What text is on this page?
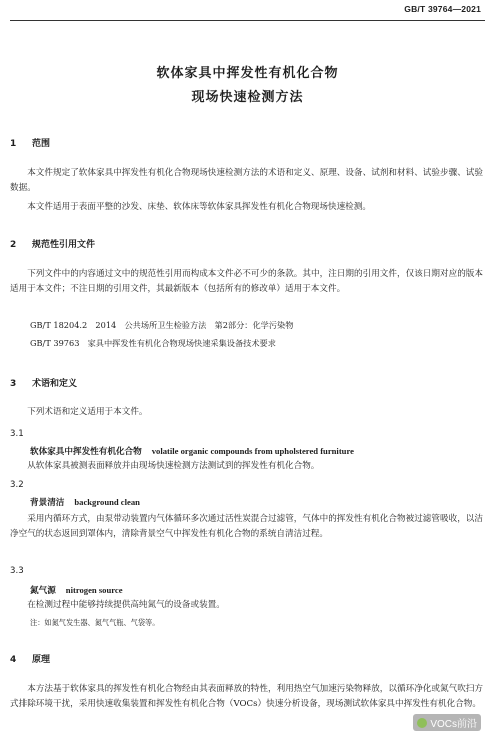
GB/T 39764—2021
软体家具中挥发性有机化合物
现场快速检测方法
1 范围
本文件规定了软体家具中挥发性有机化合物现场快速检测方法的术语和定义、原理、设备、试剂和材料、试验步骤、试验数据。
本文件适用于表面平整的沙发、床垫、软体床等软体家具挥发性有机化合物现场快速检测。
2 规范性引用文件
下列文件中的内容通过文中的规范性引用而构成本文件必不可少的条款。其中，注日期的引用文件，仅该日期对应的版本适用于本文件；不注日期的引用文件，其最新版本（包括所有的修改单）适用于本文件。
GB/T 18204.2　2014　公共场所卫生检验方法　第2部分：化学污染物
GB/T 39763　家具中挥发性有机化合物现场快速采集设备技术要求
3 术语和定义
下列术语和定义适用于本文件。
3.1
软体家具中挥发性有机化合物 volatile organic compounds from upholstered furniture
从软体家具被测表面释放并由现场快速检测方法测试到的挥发性有机化合物。
3.2
背景清洁 background clean
采用内循环方式，由泵带动装置内气体循环多次通过活性炭混合过滤管，气体中的挥发性有机化合物被过滤管吸收，以洁净空气的状态返回到罩体内，清除背景空气中挥发性有机化合物的系统自清洁过程。
3.3
氮气源 nitrogen source
在检测过程中能够持续提供高纯氮气的设备或装置。
注：如氮气发生器、氮气气瓶、气袋等。
4 原理
本方法基于软体家具的挥发性有机化合物经由其表面释放的特性，利用热空气加速污染物释放，以循环净化或氮气吹扫方式排除环境干扰，采用快速收集装置和挥发性有机化合物（VOCs）快速分析设备，现场测试软体家具中挥发性有机化合物。
VOCs前沿
